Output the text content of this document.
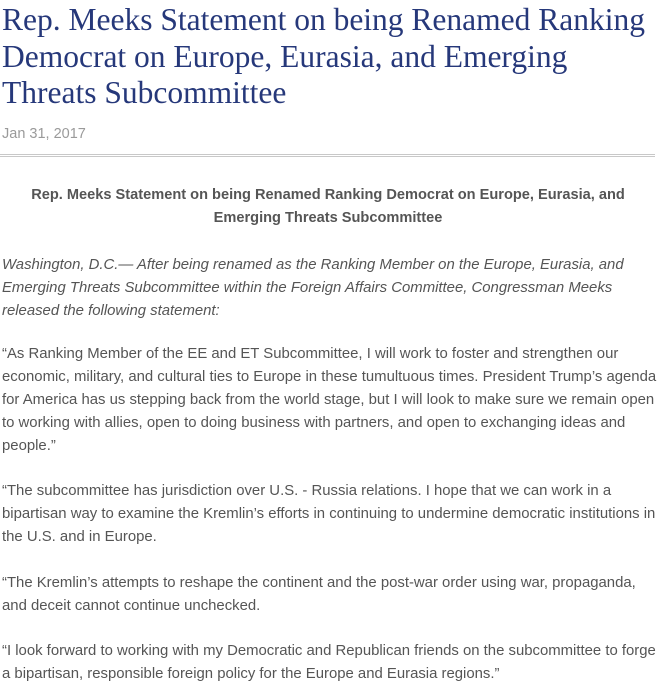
Rep. Meeks Statement on being Renamed Ranking Democrat on Europe, Eurasia, and Emerging Threats Subcommittee
Jan 31, 2017
Rep. Meeks Statement on being Renamed Ranking Democrat on Europe, Eurasia, and Emerging Threats Subcommittee

Washington, D.C.— After being renamed as the Ranking Member on the Europe, Eurasia, and Emerging Threats Subcommittee within the Foreign Affairs Committee, Congressman Meeks released the following statement:

“As Ranking Member of the EE and ET Subcommittee, I will work to foster and strengthen our economic, military, and cultural ties to Europe in these tumultuous times. President Trump’s agenda for America has us stepping back from the world stage, but I will look to make sure we remain open to working with allies, open to doing business with partners, and open to exchanging ideas and people.”

“The subcommittee has jurisdiction over U.S. - Russia relations. I hope that we can work in a bipartisan way to examine the Kremlin’s efforts in continuing to undermine democratic institutions in the U.S. and in Europe.

“The Kremlin’s attempts to reshape the continent and the post-war order using war, propaganda, and deceit cannot continue unchecked.

“I look forward to working with my Democratic and Republican friends on the subcommittee to forge a bipartisan, responsible foreign policy for the Europe and Eurasia regions.”
